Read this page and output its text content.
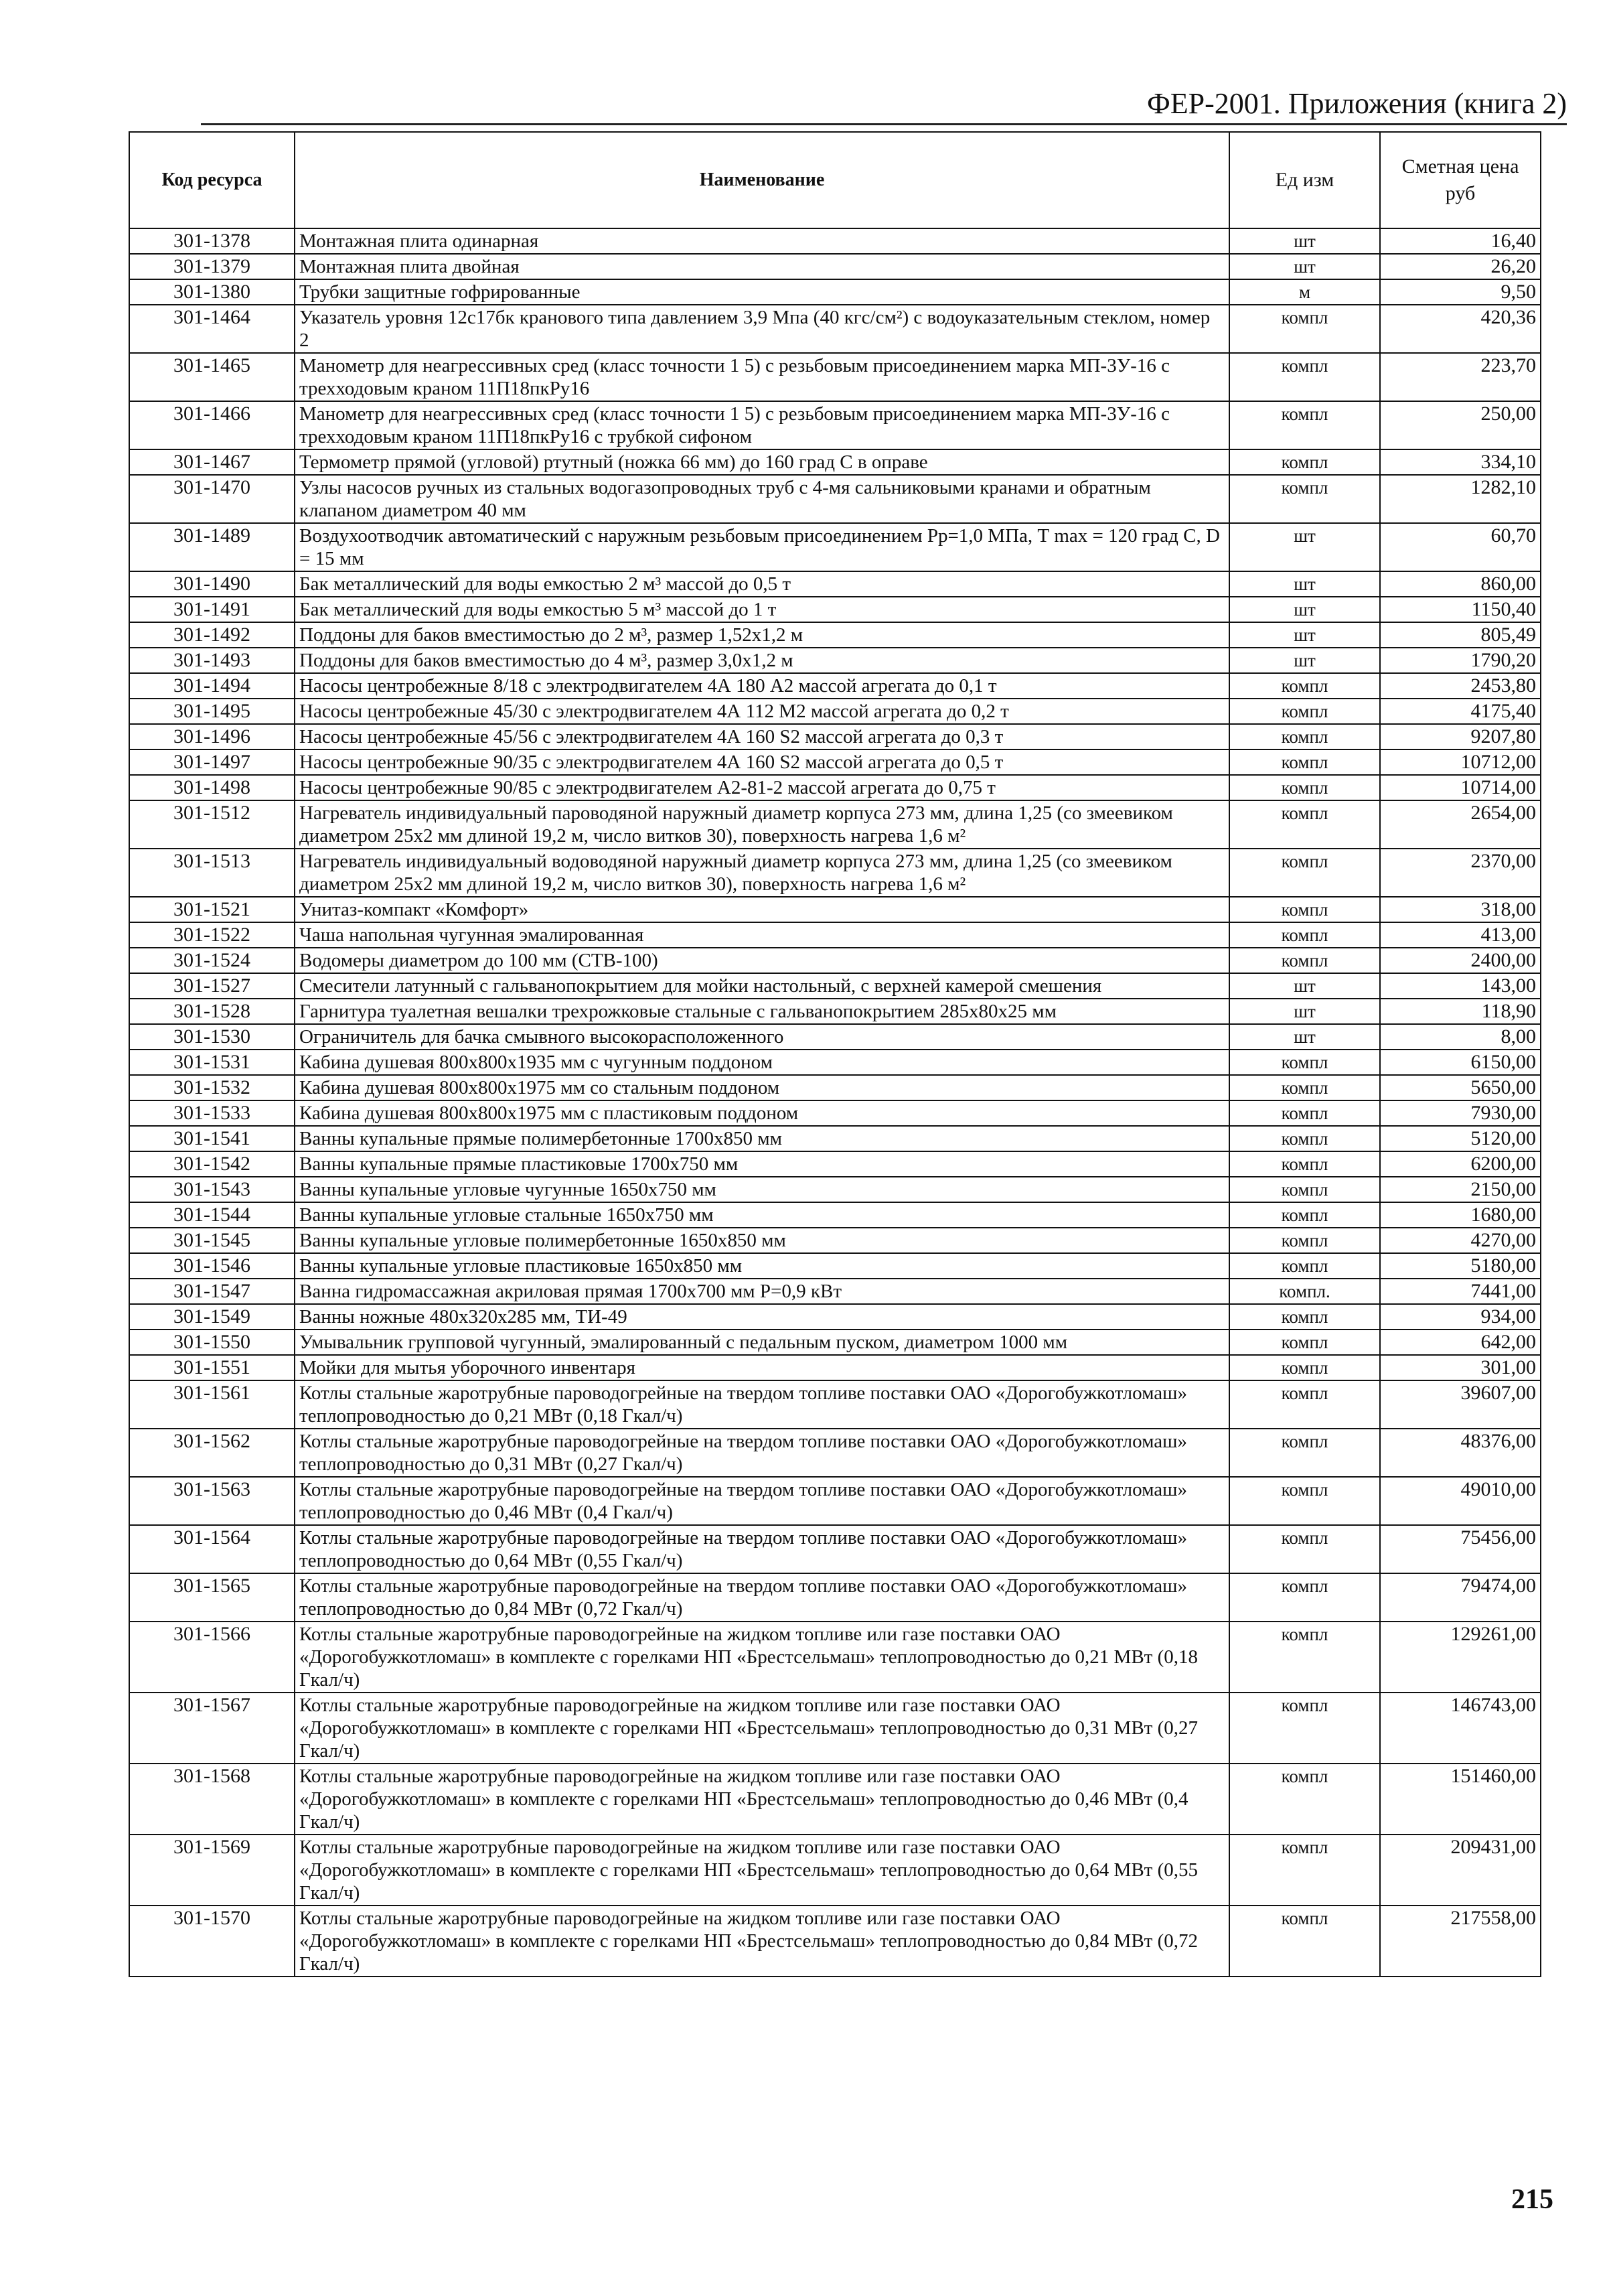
ФЕР-2001. Приложения (книга 2)
Код ресурса	Наименование	Ед изм	Сметная цена руб
301-1378	Монтажная плита одинарная	шт	16,40
301-1379	Монтажная плита двойная	шт	26,20
301-1380	Трубки защитные гофрированные	м	9,50
301-1464	Указатель уровня 12с17бк кранового типа давлением 3,9 Мпа (40 кгс/см²) с водоуказательным стеклом, номер 2	компл	420,36
301-1465	Манометр для неагрессивных сред (класс точности 1 5) с резьбовым присоединением марка МП-3У-16 с трехходовым краном 11П18пкРу16	компл	223,70
301-1466	Манометр для неагрессивных сред (класс точности 1 5) с резьбовым присоединением марка МП-3У-16 с трехходовым краном 11П18пкРу16 с трубкой сифоном	компл	250,00
301-1467	Термометр прямой (угловой) ртутный (ножка 66 мм) до 160 град С в оправе	компл	334,10
301-1470	Узлы насосов ручных из стальных водогазопроводных труб с 4-мя сальниковыми кранами и обратным клапаном диаметром 40 мм	компл	1282,10
301-1489	Воздухоотводчик автоматический с наружным резьбовым присоединением Рр=1,0 МПа, Т max = 120 град С, D = 15 мм	шт	60,70
301-1490	Бак металлический для воды емкостью 2 м³ массой до 0,5 т	шт	860,00
301-1491	Бак металлический для воды емкостью 5 м³ массой до 1 т	шт	1150,40
301-1492	Поддоны для баков вместимостью до 2 м³, размер 1,52х1,2 м	шт	805,49
301-1493	Поддоны для баков вместимостью до 4 м³, размер 3,0х1,2 м	шт	1790,20
301-1494	Насосы центробежные 8/18 с электродвигателем 4А 180 А2 массой агрегата до 0,1 т	компл	2453,80
301-1495	Насосы центробежные 45/30 с электродвигателем 4А 112 М2 массой агрегата до 0,2 т	компл	4175,40
301-1496	Насосы центробежные 45/56 с электродвигателем 4А 160 S2 массой агрегата до 0,3 т	компл	9207,80
301-1497	Насосы центробежные 90/35 с электродвигателем 4А 160 S2 массой агрегата до 0,5 т	компл	10712,00
301-1498	Насосы центробежные 90/85 с электродвигателем А2-81-2 массой агрегата до 0,75 т	компл	10714,00
301-1512	Нагреватель индивидуальный пароводяной наружный диаметр корпуса 273 мм, длина 1,25 (со змеевиком диаметром 25х2 мм длиной 19,2 м, число витков 30), поверхность нагрева 1,6 м²	компл	2654,00
301-1513	Нагреватель индивидуальный водоводяной наружный диаметр корпуса 273 мм, длина 1,25 (со змеевиком диаметром 25х2 мм длиной 19,2 м, число витков 30), поверхность нагрева 1,6 м²	компл	2370,00
301-1521	Унитаз-компакт «Комфорт»	компл	318,00
301-1522	Чаша напольная чугунная эмалированная	компл	413,00
301-1524	Водомеры диаметром до 100 мм (СТВ-100)	компл	2400,00
301-1527	Смесители латунный с гальванопокрытием для мойки настольный, с верхней камерой смешения	шт	143,00
301-1528	Гарнитура туалетная вешалки трехрожковые стальные с гальванопокрытием 285х80х25 мм	шт	118,90
301-1530	Ограничитель для бачка смывного высокорасположенного	шт	8,00
301-1531	Кабина душевая 800х800х1935 мм с чугунным поддоном	компл	6150,00
301-1532	Кабина душевая 800х800х1975 мм со стальным поддоном	компл	5650,00
301-1533	Кабина душевая 800х800х1975 мм с пластиковым поддоном	компл	7930,00
301-1541	Ванны купальные прямые полимербетонные 1700х850 мм	компл	5120,00
301-1542	Ванны купальные прямые пластиковые 1700х750 мм	компл	6200,00
301-1543	Ванны купальные угловые чугунные 1650х750 мм	компл	2150,00
301-1544	Ванны купальные угловые стальные 1650х750 мм	компл	1680,00
301-1545	Ванны купальные угловые полимербетонные 1650х850 мм	компл	4270,00
301-1546	Ванны купальные угловые пластиковые 1650х850 мм	компл	5180,00
301-1547	Ванна гидромассажная акриловая прямая 1700х700 мм Р=0,9 кВт	компл.	7441,00
301-1549	Ванны ножные 480х320х285 мм, ТИ-49	компл	934,00
301-1550	Умывальник групповой чугунный, эмалированный с педальным пуском, диаметром 1000 мм	компл	642,00
301-1551	Мойки для мытья уборочного инвентаря	компл	301,00
301-1561	Котлы стальные жаротрубные пароводогрейные на твердом топливе поставки ОАО «Дорогобужкотломаш» теплопроводностью до 0,21 МВт (0,18 Гкал/ч)	компл	39607,00
301-1562	Котлы стальные жаротрубные пароводогрейные на твердом топливе поставки ОАО «Дорогобужкотломаш» теплопроводностью до 0,31 МВт (0,27 Гкал/ч)	компл	48376,00
301-1563	Котлы стальные жаротрубные пароводогрейные на твердом топливе поставки ОАО «Дорогобужкотломаш» теплопроводностью до 0,46 МВт (0,4 Гкал/ч)	компл	49010,00
301-1564	Котлы стальные жаротрубные пароводогрейные на твердом топливе поставки ОАО «Дорогобужкотломаш» теплопроводностью до 0,64 МВт (0,55 Гкал/ч)	компл	75456,00
301-1565	Котлы стальные жаротрубные пароводогрейные на твердом топливе поставки ОАО «Дорогобужкотломаш» теплопроводностью до 0,84 МВт (0,72 Гкал/ч)	компл	79474,00
301-1566	Котлы стальные жаротрубные пароводогрейные на жидком топливе или газе поставки ОАО «Дорогобужкотломаш» в комплекте с горелками НП «Брестсельмаш» теплопроводностью до 0,21 МВт (0,18 Гкал/ч)	компл	129261,00
301-1567	Котлы стальные жаротрубные пароводогрейные на жидком топливе или газе поставки ОАО «Дорогобужкотломаш» в комплекте с горелками НП «Брестсельмаш» теплопроводностью до 0,31 МВт (0,27 Гкал/ч)	компл	146743,00
301-1568	Котлы стальные жаротрубные пароводогрейные на жидком топливе или газе поставки ОАО «Дорогобужкотломаш» в комплекте с горелками НП «Брестсельмаш» теплопроводностью до 0,46 МВт (0,4 Гкал/ч)	компл	151460,00
301-1569	Котлы стальные жаротрубные пароводогрейные на жидком топливе или газе поставки ОАО «Дорогобужкотломаш» в комплекте с горелками НП «Брестсельмаш» теплопроводностью до 0,64 МВт (0,55 Гкал/ч)	компл	209431,00
301-1570	Котлы стальные жаротрубные пароводогрейные на жидком топливе или газе поставки ОАО «Дорогобужкотломаш» в комплекте с горелками НП «Брестсельмаш» теплопроводностью до 0,84 МВт (0,72 Гкал/ч)	компл	217558,00
215
